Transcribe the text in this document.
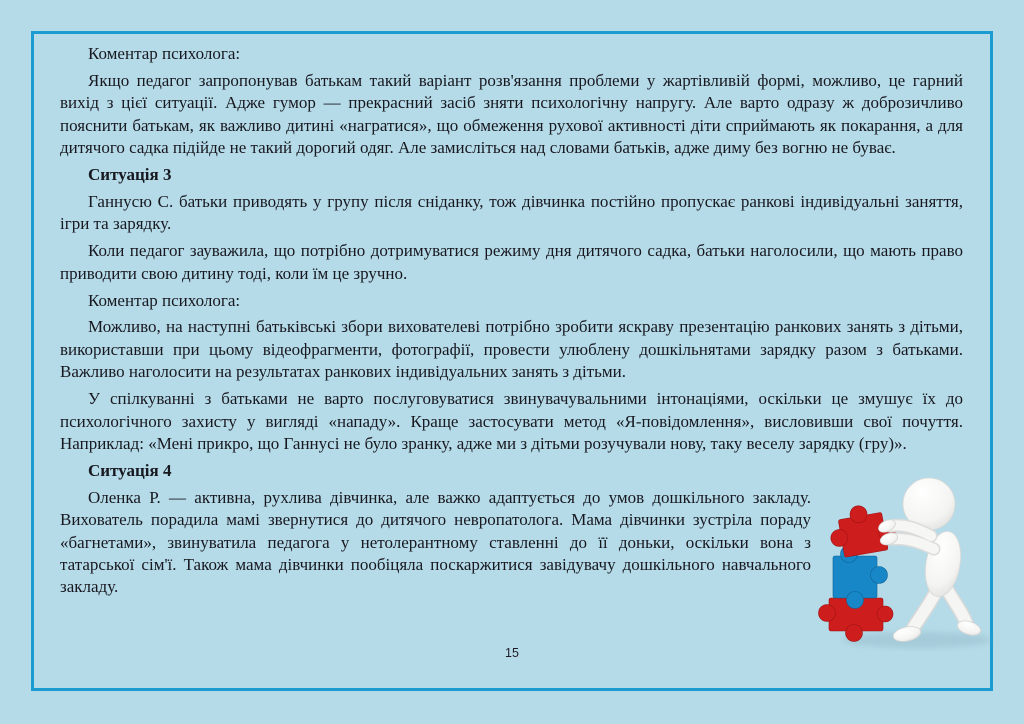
Коментар психолога:

Якщо педагог запропонував батькам такий варіант розв'язання проблеми у жартівливій формі, можливо, це гарний вихід з цієї ситуації. Адже гумор — прекрасний засіб зняти психологічну напругу. Але варто одразу ж доброзичливо пояснити батькам, як важливо дитині «награтися», що обмеження рухової активності діти сприймають як покарання, а для дитячого садка підійде не такий дорогий одяг. Але замисліться над словами батьків, адже диму без вогню не буває.

Ситуація 3

Ганнусю С. батьки приводять у групу після сніданку, тож дівчинка постійно пропускає ранкові індивідуальні заняття, ігри та зарядку.

Коли педагог зауважила, що потрібно дотримуватися режиму дня дитячого садка, батьки наголосили, що мають право приводити свою дитину тоді, коли їм це зручно.

Коментар психолога:

Можливо, на наступні батьківські збори вихователеві потрібно зробити яскраву презентацію ранкових занять з дітьми, використавши при цьому відеофрагменти, фотографії, провести улюблену дошкільнятами зарядку разом з батьками. Важливо наголосити на результатах ранкових індивідуальних занять з дітьми.

У спілкуванні з батьками не варто послуговуватися звинувачувальними інтонаціями, оскільки це змушує їх до психологічного захисту у вигляді «нападу». Краще застосувати метод «Я-повідомлення», висловивши свої почуття. Наприклад: «Мені прикро, що Ганнусі не було зранку, адже ми з дітьми розучували нову, таку веселу зарядку (гру)».

Ситуація 4

Оленка Р. — активна, рухлива дівчинка, але важко адаптується до умов дошкільного закладу. Вихователь порадила мамі звернутися до дитячого невропатолога. Мама дівчинки зустріла пораду «багнетами», звинуватила педагога у нетолерантному ставленні до її доньки, оскільки вона з татарської сім'ї. Також мама дівчинки пообіцяла поскаржитися завідувачу дошкільного навчального закладу.

15
